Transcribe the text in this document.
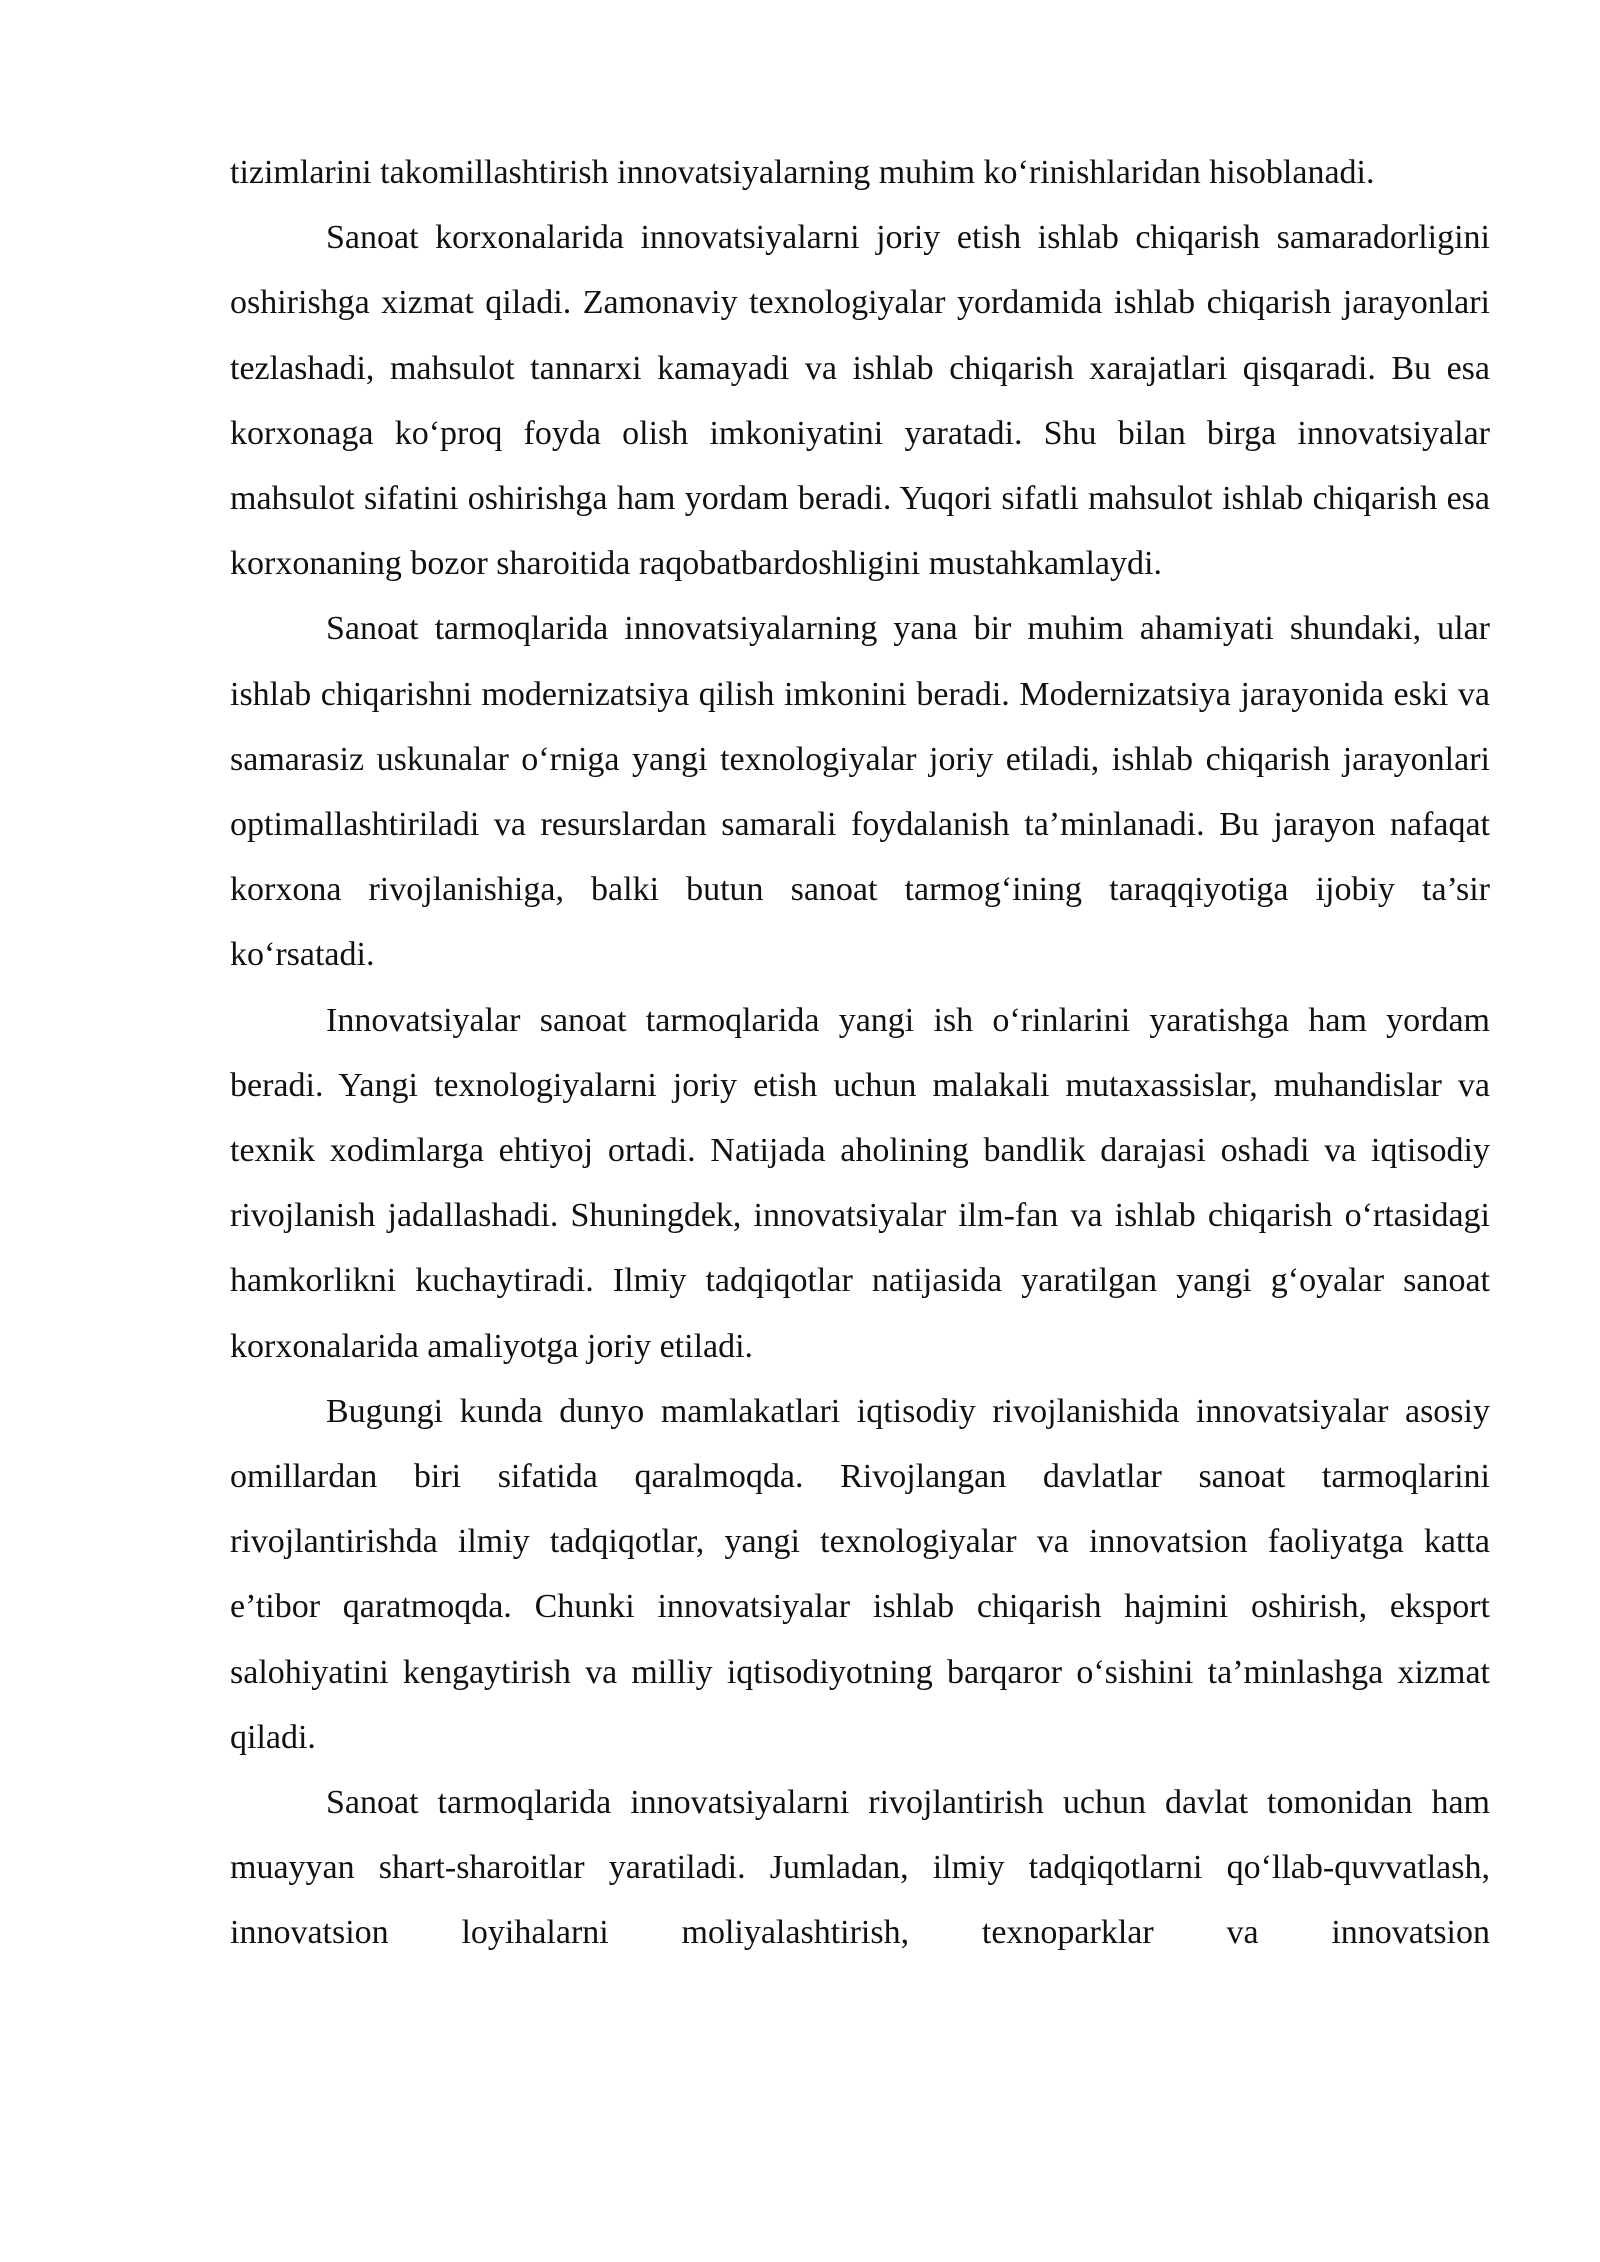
tizimlarini takomillashtirish innovatsiyalarning muhim ko‘rinishlaridan hisoblanadi.

Sanoat korxonalarida innovatsiyalarni joriy etish ishlab chiqarish samaradorligini oshirishga xizmat qiladi. Zamonaviy texnologiyalar yordamida ishlab chiqarish jarayonlari tezlashadi, mahsulot tannarxi kamayadi va ishlab chiqarish xarajatlari qisqaradi. Bu esa korxonaga ko‘proq foyda olish imkoniyatini yaratadi. Shu bilan birga innovatsiyalar mahsulot sifatini oshirishga ham yordam beradi. Yuqori sifatli mahsulot ishlab chiqarish esa korxonaning bozor sharoitida raqobatbardoshligini mustahkamlaydi.

Sanoat tarmoqlarida innovatsiyalarning yana bir muhim ahamiyati shundaki, ular ishlab chiqarishni modernizatsiya qilish imkonini beradi. Modernizatsiya jarayonida eski va samarasiz uskunalar o‘rniga yangi texnologiyalar joriy etiladi, ishlab chiqarish jarayonlari optimallashtiriladi va resurslardan samarali foydalanish ta’minlanadi. Bu jarayon nafaqat korxona rivojlanishiga, balki butun sanoat tarmog‘ining taraqqiyotiga ijobiy ta’sir ko‘rsatadi.

Innovatsiyalar sanoat tarmoqlarida yangi ish o‘rinlarini yaratishga ham yordam beradi. Yangi texnologiyalarni joriy etish uchun malakali mutaxassislar, muhandislar va texnik xodimlarga ehtiyoj ortadi. Natijada aholining bandlik darajasi oshadi va iqtisodiy rivojlanish jadallashadi. Shuningdek, innovatsiyalar ilm-fan va ishlab chiqarish o‘rtasidagi hamkorlikni kuchaytiradi. Ilmiy tadqiqotlar natijasida yaratilgan yangi g‘oyalar sanoat korxonalarida amaliyotga joriy etiladi.

Bugungi kunda dunyo mamlakatlari iqtisodiy rivojlanishida innovatsiyalar asosiy omillardan biri sifatida qaralmoqda. Rivojlangan davlatlar sanoat tarmoqlarini rivojlantirishda ilmiy tadqiqotlar, yangi texnologiyalar va innovatsion faoliyatga katta e’tibor qaratmoqda. Chunki innovatsiyalar ishlab chiqarish hajmini oshirish, eksport salohiyatini kengaytirish va milliy iqtisodiyotning barqaror o‘sishini ta’minlashga xizmat qiladi.

Sanoat tarmoqlarida innovatsiyalarni rivojlantirish uchun davlat tomonidan ham muayyan shart-sharoitlar yaratiladi. Jumladan, ilmiy tadqiqotlarni qo‘llab-quvvatlash, innovatsion loyihalarni moliyalashtirish, texnoparklar va innovatsion
